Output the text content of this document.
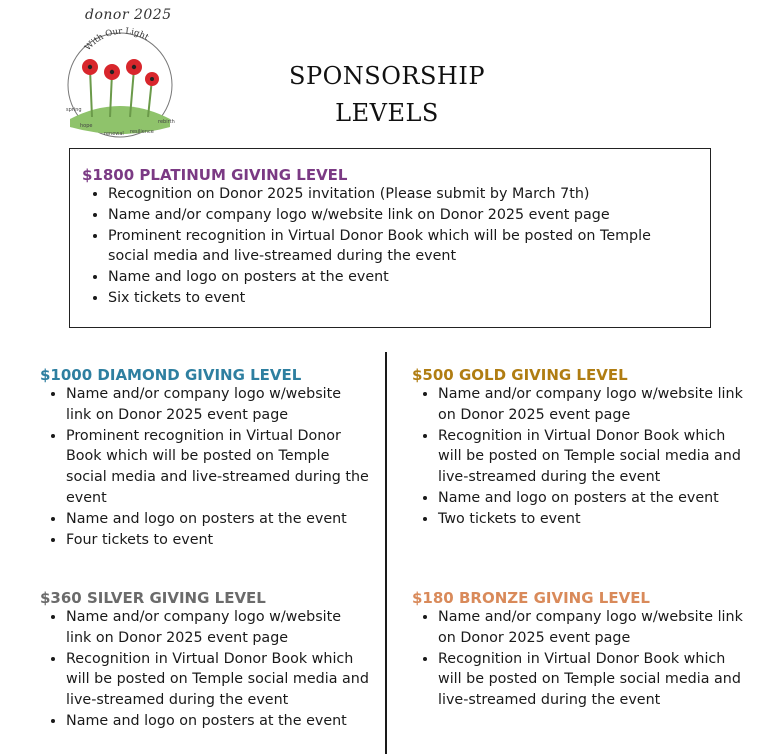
donor 2025
With Our Light
spring
hope
renewal resilience
rebirth
SPONSORSHIP
LEVELS
$1800 PLATINUM GIVING LEVEL
• Recognition on Donor 2025 invitation (Please submit by March 7th)
• Name and/or company logo w/website link on Donor 2025 event page
• Prominent recognition in Virtual Donor Book which will be posted on Temple social media and live-streamed during the event
• Name and logo on posters at the event
• Six tickets to event
$1000 DIAMOND GIVING LEVEL
• Name and/or company logo w/website link on Donor 2025 event page
• Prominent recognition in Virtual Donor Book which will be posted on Temple social media and live-streamed during the event
• Name and logo on posters at the event
• Four tickets to event
$500 GOLD GIVING LEVEL
• Name and/or company logo w/website link on Donor 2025 event page
• Recognition in Virtual Donor Book which will be posted on Temple social media and live-streamed during the event
• Name and logo on posters at the event
• Two tickets to event
$360 SILVER GIVING LEVEL
• Name and/or company logo w/website link on Donor 2025 event page
• Recognition in Virtual Donor Book which will be posted on Temple social media and live-streamed during the event
• Name and logo on posters at the event
$180 BRONZE GIVING LEVEL
• Name and/or company logo w/website link on Donor 2025 event page
• Recognition in Virtual Donor Book which will be posted on Temple social media and live-streamed during the event
